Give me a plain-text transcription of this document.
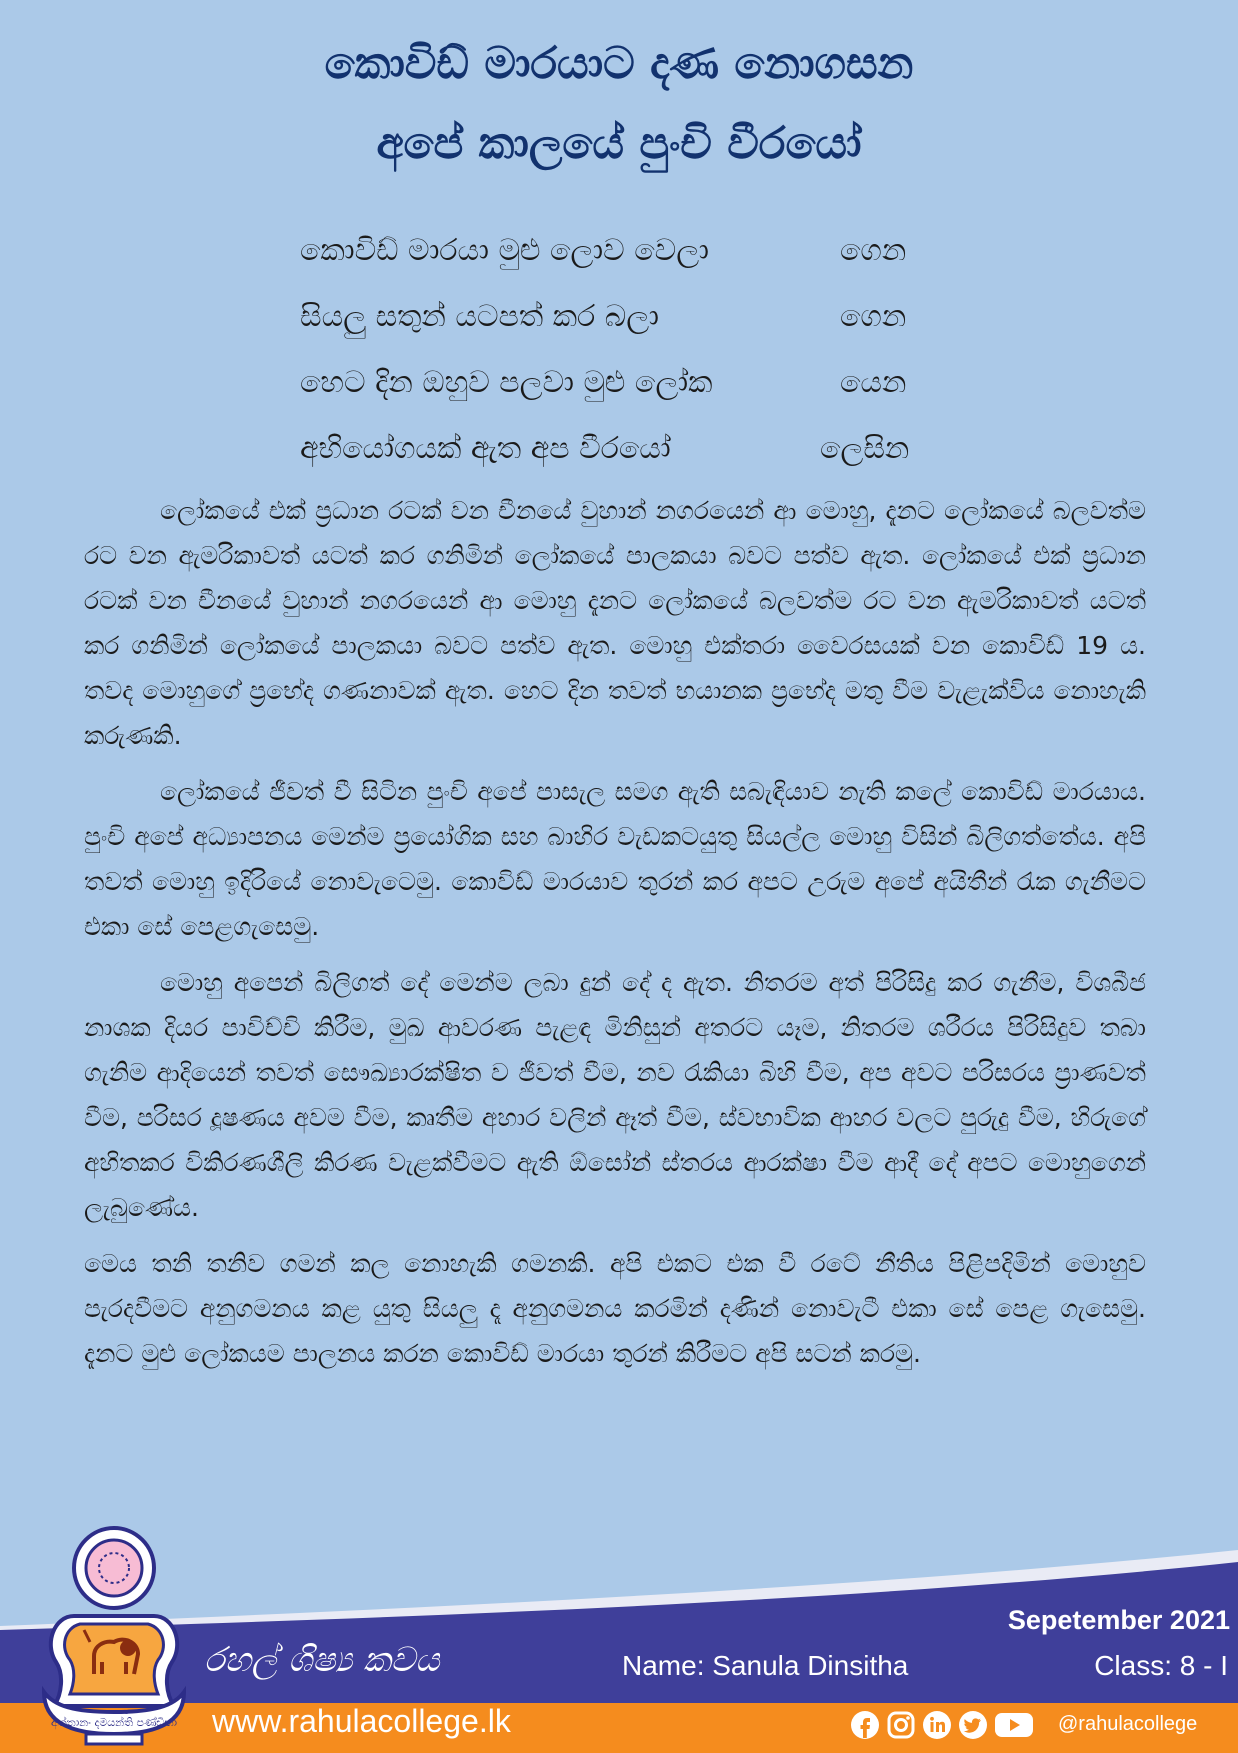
කොවිඩ් මාරයාට දණ නොගසන
අපේ කාලයේ පුංචි වීරයෝ
කොවිඩ් මාරයා මුළු ලොව වෙලා	ගෙන
සියලු සතුන් යටපත් කර බලා	ගෙන
හෙට දින ඔහුව පලවා මුළු ලෝක	යෙන
අභියෝගයක් ඇත අප වීරයෝ	ලෙසින

ලෝකයේ එක් ප්‍රධාන රටක් වන චීනයේ වුහාන් නගරයෙන් ආ මොහු, දැනට ලෝකයේ බලවත්ම රට වන ඇමරිකාවත් යටත් කර ගනිමින් ලෝකයේ පාලකයා බවට පත්ව ඇත. ලෝකයේ එක් ප්‍රධාන රටක් වන චීනයේ වුහාන් නගරයෙන් ආ මොහු දැනට ලෝකයේ බලවත්ම රට වන ඇමරිකාවත් යටත් කර ගනිමින් ලෝකයේ පාලකයා බවට පත්ව ඇත. මොහු එක්තරා වෛරසයක් වන කොවිඩ් 19 ය. තවද මොහුගේ ප්‍රභේද ගණනාවක් ඇත. හෙට දින තවත් භයානක ප්‍රභේද මතු වීම වැළැක්විය නොහැකි කරුණකි.

ලෝකයේ ජීවත් වී සිටින පුංචි අපේ පාසැල සමග ඇති සබැඳියාව නැති කලේ කොවිඩ් මාරයාය. පුංචි අපේ අධ්‍යාපනය මෙන්ම ප්‍රයෝගික සහ බාහිර වැඩකටයුතු සියල්ල මොහු විසින් බිලිගත්තේය. අපි තවත් මොහු ඉදිරියේ නොවැටෙමු. කොවිඩ් මාරයාව තුරන් කර අපට උරුම අපේ අයිතීන් රැක ගැනීමට එකා සේ පෙළගැසෙමු.

මොහු අපෙන් බිලිගත් දේ මෙන්ම ලබා දුන් දේ ද ඇත. නිතරම අත් පිරිසිදු කර ගැනීම, විශබීජ නාශක දියර පාවිච්චි කිරීම, මුඛ ආවරණ පැළඳ මිනිසුන් අතරට යෑම, නිතරම ශරීරය පිරිසිදුව තබා ගැනිම ආදියෙන් තවත් සෞඛ්‍යාරක්ෂිත ව ජීවත් වීම, නව රැකියා බිහි වීම, අප අවට පරිසරය ප්‍රාණවත් වීම, පරිසර දූෂණය අවම වීම, කෘතීම අහාර වලින් ඈත් වීම, ස්වභාවික ආහර වලට පුරුදු වීම, හිරුගේ අහිතකර විකිරණශීලි කිරණ වැළක්වීමට ඇති ඕසෝන් ස්තරය ආරක්ෂා වීම ආදී දේ අපට මොහුගෙන් ලැබුණේය.

මෙය තනි තනිව ගමන් කල නොහැකි ගමනකි. අපි එකට එක වී රටේ නීතිය පිළිපදිමින් මොහුව පැරදවීමට අනුගමනය කළ යුතු සියලු දෑ අනුගමනය කරමින් දණින් නොවැටී එකා සේ පෙළ ගැසෙමු. දැනට මුළු ලෝකයම පාලනය කරන කොවිඩ් මාරයා තුරන් කිරීමට අපි සටන් කරමු.

අත්තානං දමයන්ති පණ්ඩිතා
රහල් ශිෂ්‍ය කවය	Name: Sanula Dinsitha
Sepetember 2021
Class: 8 - I
www.rahulacollege.lk	@rahulacollege
